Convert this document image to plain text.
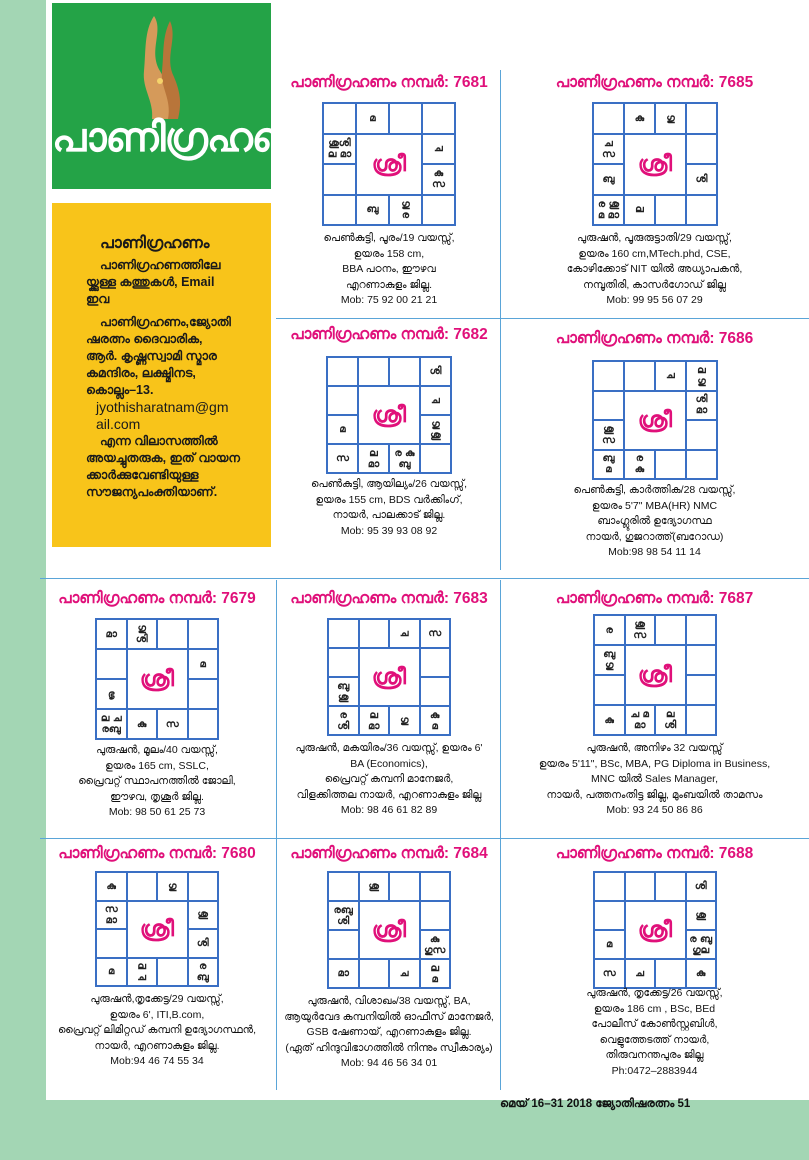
പാണിഗ്രഹണം
പാണിഗ്രഹണം
പാണിഗ്രഹണത്തിലേ
യ്ക്കുള്ള കത്തുകൾ, Email
ഇവ
പാണിഗ്രഹണം,ജ്യോതി
ഷരത്നം ദൈവാരിക,
ആർ. കൃഷ്ണസ്വാമി സ്മാര
കമന്ദിരം, ലക്ഷ്മിനട,
കൊല്ലം–13.
jyothisharatnam@gm
ail.com
എന്ന വിലാസത്തിൽ
അയച്ചുതരുക, ഇത് വായന
ക്കാർക്കുവേണ്ടിയുള്ള
സൗജന്യപംക്തിയാണ്.
പാണിഗ്രഹണം നമ്പർ: 7681
മ
ശുശി
ല മാ	ച
കു
സ
ബു	ഗു
ര
ശ്രീ
പെൺകുട്ടി, പൂരം/19 വയസ്സ്,
ഉയരം 158 cm,
BBA പഠനം, ഈഴവ
എറണാകുളം ജില്ല.
Mob: 75 92 00 21 21
പാണിഗ്രഹണം നമ്പർ: 7685
കു	ഗു
ച
സ
ബു	ശി
ര ശു
മ മാ	ല
ശ്രീ
പുരുഷൻ, പൂരുരുട്ടാതി/29 വയസ്സ്,
ഉയരം 160 cm,MTech.phd, CSE,
കോഴിക്കോട് NIT യിൽ അധ്യാപകൻ,
നമ്പൂതിരി, കാസർഗോഡ് ജില്ല
Mob: 99 95 56 07 29
പാണിഗ്രഹണം നമ്പർ: 7682
ശി
ച
മ	ഗു
ശു
സ	ല
മാ
ര കു
ബു
ശ്രീ
പെൺകുട്ടി, ആയില്യം/26 വയസ്സ്,
ഉയരം 155 cm, BDS വർക്കിംഗ്,
നായർ, പാലക്കാട് ജില്ല.
Mob: 95 39 93 08 92
പാണിഗ്രഹണം നമ്പർ: 7686
ച	ല
ഗു
ശി
മാ
ശു
സ
ബു
മ
ര
കു
ശ്രീ
പെൺകുട്ടി, കാർത്തിക/28 വയസ്സ്,
ഉയരം 5'7" MBA(HR) NMC
ബാംഗ്ലൂരിൽ ഉദ്യോഗസ്ഥ
നായർ, ഗുജറാത്ത്(ബറോഡ)
Mob:98 98 54 11 14
പാണിഗ്രഹണം നമ്പർ: 7679
മാ	ഗു
ശി
മ
ഭൃ
ല ച
രബു	കു	സ
ശ്രീ
പുരുഷൻ, മൂലം/40 വയസ്സ്,
ഉയരം 165 cm, SSLC,
പ്രൈവറ്റ് സ്ഥാപനത്തിൽ ജോലി,
ഈഴവ, തൃശൂർ ജില്ല.
Mob: 98 50 61 25 73
പാണിഗ്രഹണം നമ്പർ: 7683
ച	സ
ബു
ശു
ര
ശി
ല
മാ	ഗു	കു
മ
ശ്രീ
പുരുഷൻ, മകയിരം/36 വയസ്സ്, ഉയരം 6'
BA (Economics),
പ്രൈവറ്റ് കമ്പനി മാനേജർ,
വിളക്കിത്തല നായർ, എറണാകുളം ജില്ല
Mob: 98 46 61 82 89
പാണിഗ്രഹണം നമ്പർ: 7687
ര	ശു
സ
ബു
ഗു
കു	ച മ
മാ
ല
ശി
ശ്രീ
പുരുഷൻ, അനിഴം 32 വയസ്സ്
ഉയരം 5'11", BSc, MBA, PG Diploma in Business,
MNC യിൽ Sales Manager,
നായർ, പത്തനംതിട്ട ജില്ല, മുംബയിൽ താമസം
Mob: 93 24 50 86 86
പാണിഗ്രഹണം നമ്പർ: 7680
കു	ഗു
സ
മാ	ശു
ശി
മ	ല
ച
ര
ബു
ശ്രീ
പുരുഷൻ,തൃക്കേട്ട/29 വയസ്സ്,
ഉയരം 6', ITI,B.com,
പ്രൈവറ്റ് ലിമിറ്റഡ് കമ്പനി ഉദ്യോഗസ്ഥൻ,
നായർ, എറണാകുളം ജില്ല.
Mob:94 46 74 55 34
പാണിഗ്രഹണം നമ്പർ: 7684
ശു
രബു
ശി
കു
ഗുസ
മാ	ച	ല
മ
ശ്രീ
പുരുഷൻ, വിശാഖം/38 വയസ്സ്, BA,
ആയുർവേദ കമ്പനിയിൽ ഓഫീസ് മാനേജർ,
GSB ഷേണായ്, എറണാകുളം ജില്ല.
(ഏത് ഹിന്ദുവിഭാഗത്തിൽ നിന്നും സ്വീകാര്യം)
Mob: 94 46 56 34 01
പാണിഗ്രഹണം നമ്പർ: 7688
ശി
ശു
മ	ര ബു
ഗുല
സ	ച	കു
ശ്രീ
പുരുഷൻ, തൃക്കേട്ട/26 വയസ്സ്,
ഉയരം 186 cm , BSc, BEd
പോലീസ് കോൺസ്റ്റബിൾ,
വെളുത്തേടത്ത് നായർ,
തിരുവനന്തപുരം ജില്ല
Ph:0472–2883944
മെയ് 16–31 2018 ജ്യോതിഷരത്നം 51
